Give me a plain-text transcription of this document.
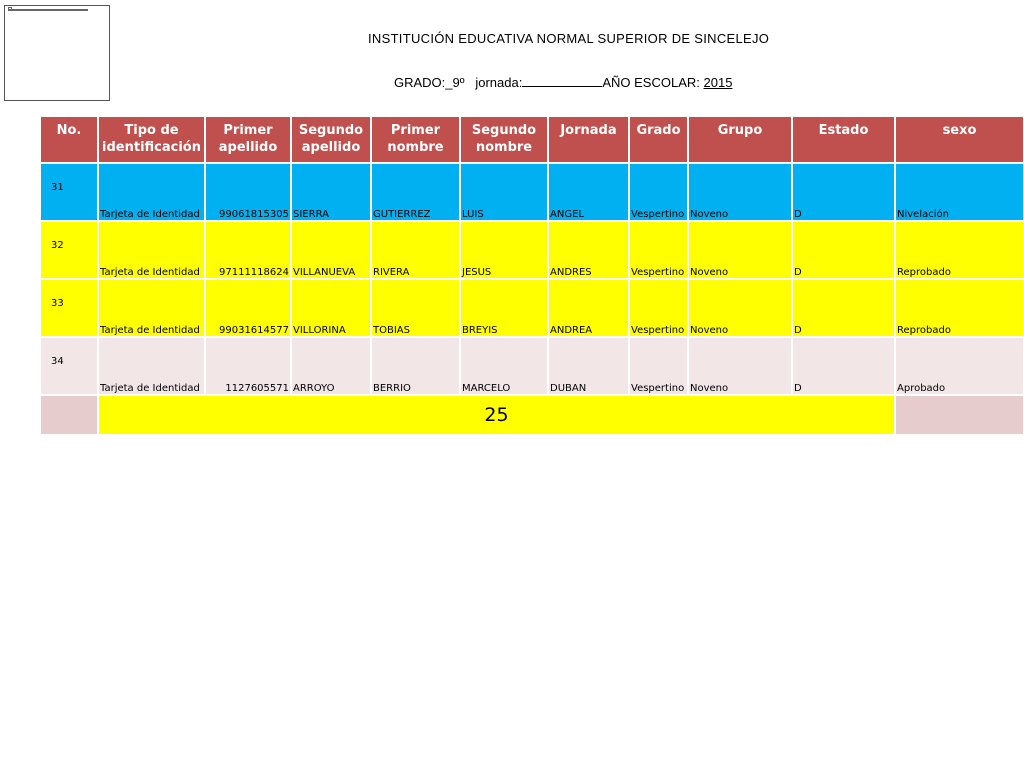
INSTITUCIÓN EDUCATIVA NORMAL SUPERIOR DE SINCELEJO
GRADO:_9º jornada:	AÑO ESCOLAR: 2015
No.	Tipo de identificación	Primer apellido	Segundo apellido	Primer nombre	Segundo nombre	Jornada	Grado	Grupo	Estado	sexo
31	Tarjeta de Identidad	99061815305	SIERRA	GUTIERREZ	LUIS	ANGEL	Vespertino	Noveno	D	Nivelación
32	Tarjeta de Identidad	97111118624	VILLANUEVA	RIVERA	JESUS	ANDRES	Vespertino	Noveno	D	Reprobado
33	Tarjeta de Identidad	99031614577	VILLORINA	TOBIAS	BREYIS	ANDREA	Vespertino	Noveno	D	Reprobado
34	Tarjeta de Identidad	1127605571	ARROYO	BERRIO	MARCELO	DUBAN	Vespertino	Noveno	D	Aprobado
	25									
